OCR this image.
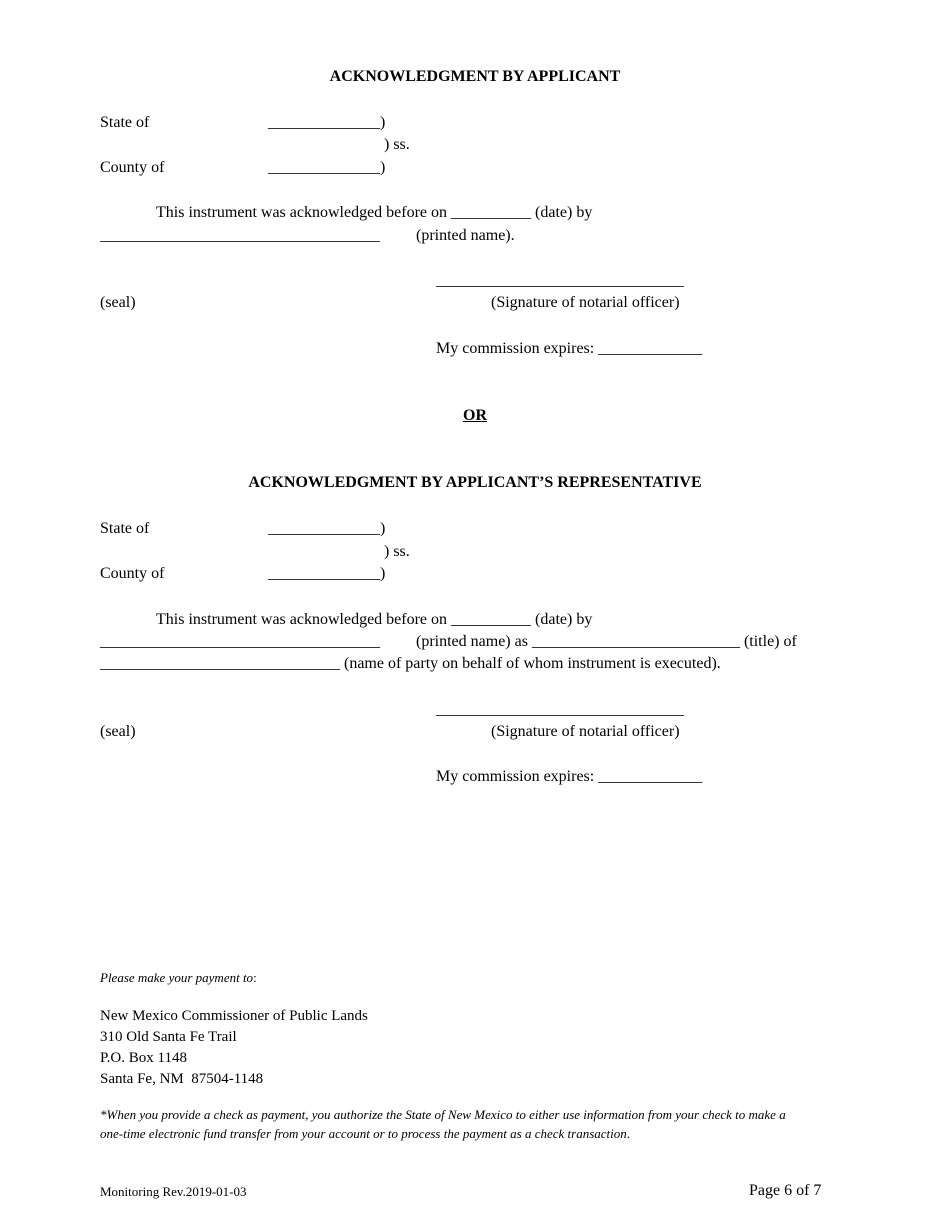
ACKNOWLEDGMENT BY APPLICANT
State of	______________)
) ss.
County of	______________)
This instrument was acknowledged before on __________ (date) by
___________________________________ (printed name).
_______________________________
(seal)	(Signature of notarial officer)
My commission expires: _____________
OR
ACKNOWLEDGMENT BY APPLICANT’S REPRESENTATIVE
State of	______________)
) ss.
County of	______________)
This instrument was acknowledged before on __________ (date) by
___________________________________ (printed name) as __________________________ (title) of
______________________________ (name of party on behalf of whom instrument is executed).
_______________________________
(seal)	(Signature of notarial officer)
My commission expires: _____________
Please make your payment to:
New Mexico Commissioner of Public Lands
310 Old Santa Fe Trail
P.O. Box 1148
Santa Fe, NM  87504-1148
*When you provide a check as payment, you authorize the State of New Mexico to either use information from your check to make a
one-time electronic fund transfer from your account or to process the payment as a check transaction.
Monitoring Rev.2019-01-03	Page 6 of 7
